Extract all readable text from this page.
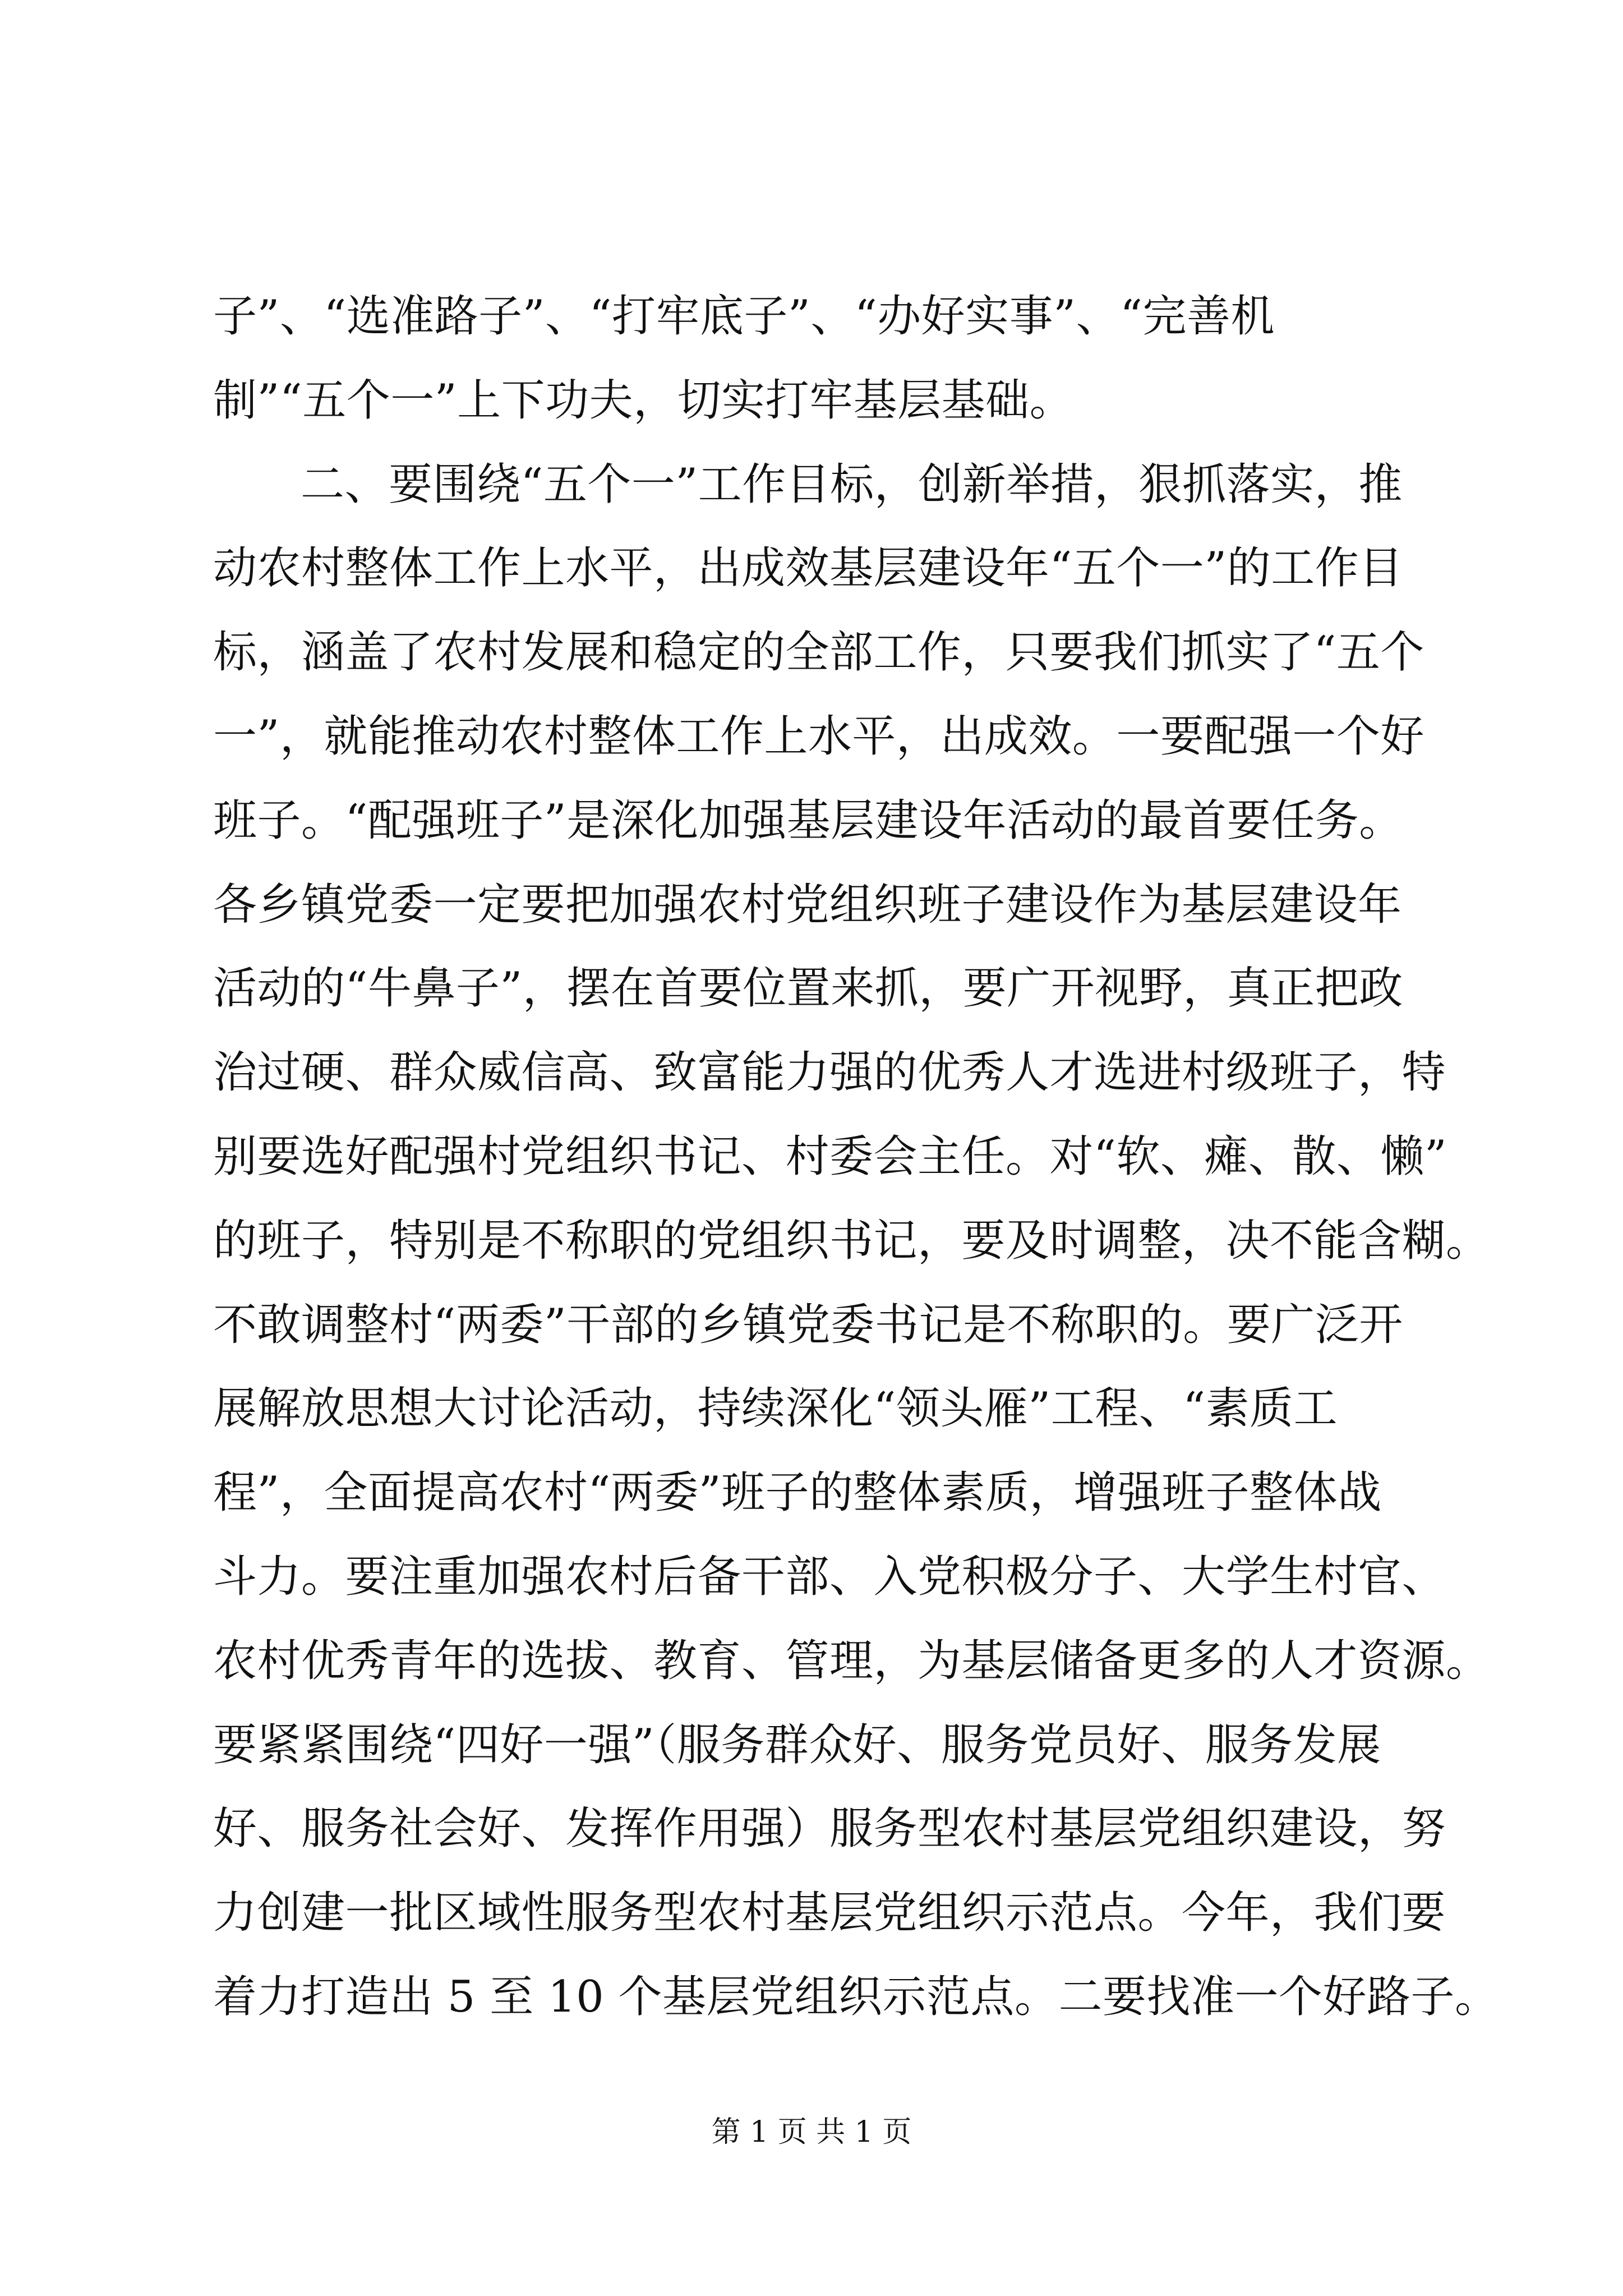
子”、“选准路子”、“打牢底子”、“办好实事”、“完善机
制”“五个一”上下功夫，切实打牢基层基础。
二、要围绕“五个一”工作目标，创新举措，狠抓落实，推
动农村整体工作上水平，出成效基层建设年“五个一”的工作目
标，涵盖了农村发展和稳定的全部工作，只要我们抓实了“五个
一”，就能推动农村整体工作上水平，出成效。一要配强一个好
班子。“配强班子”是深化加强基层建设年活动的最首要任务。
各乡镇党委一定要把加强农村党组织班子建设作为基层建设年
活动的“牛鼻子”，摆在首要位置来抓，要广开视野，真正把政
治过硬、群众威信高、致富能力强的优秀人才选进村级班子，特
别要选好配强村党组织书记、村委会主任。对“软、瘫、散、懒”
的班子，特别是不称职的党组织书记，要及时调整，决不能含糊。
不敢调整村“两委”干部的乡镇党委书记是不称职的。要广泛开
展解放思想大讨论活动，持续深化“领头雁”工程、“素质工
程”，全面提高农村“两委”班子的整体素质，增强班子整体战
斗力。要注重加强农村后备干部、入党积极分子、大学生村官、
农村优秀青年的选拔、教育、管理，为基层储备更多的人才资源。
要紧紧围绕“四好一强”（服务群众好、服务党员好、服务发展
好、服务社会好、发挥作用强）服务型农村基层党组织建设，努
力创建一批区域性服务型农村基层党组织示范点。今年，我们要
着力打造出 5 至 10 个基层党组织示范点。二要找准一个好路子。
第 1 页 共 1 页
